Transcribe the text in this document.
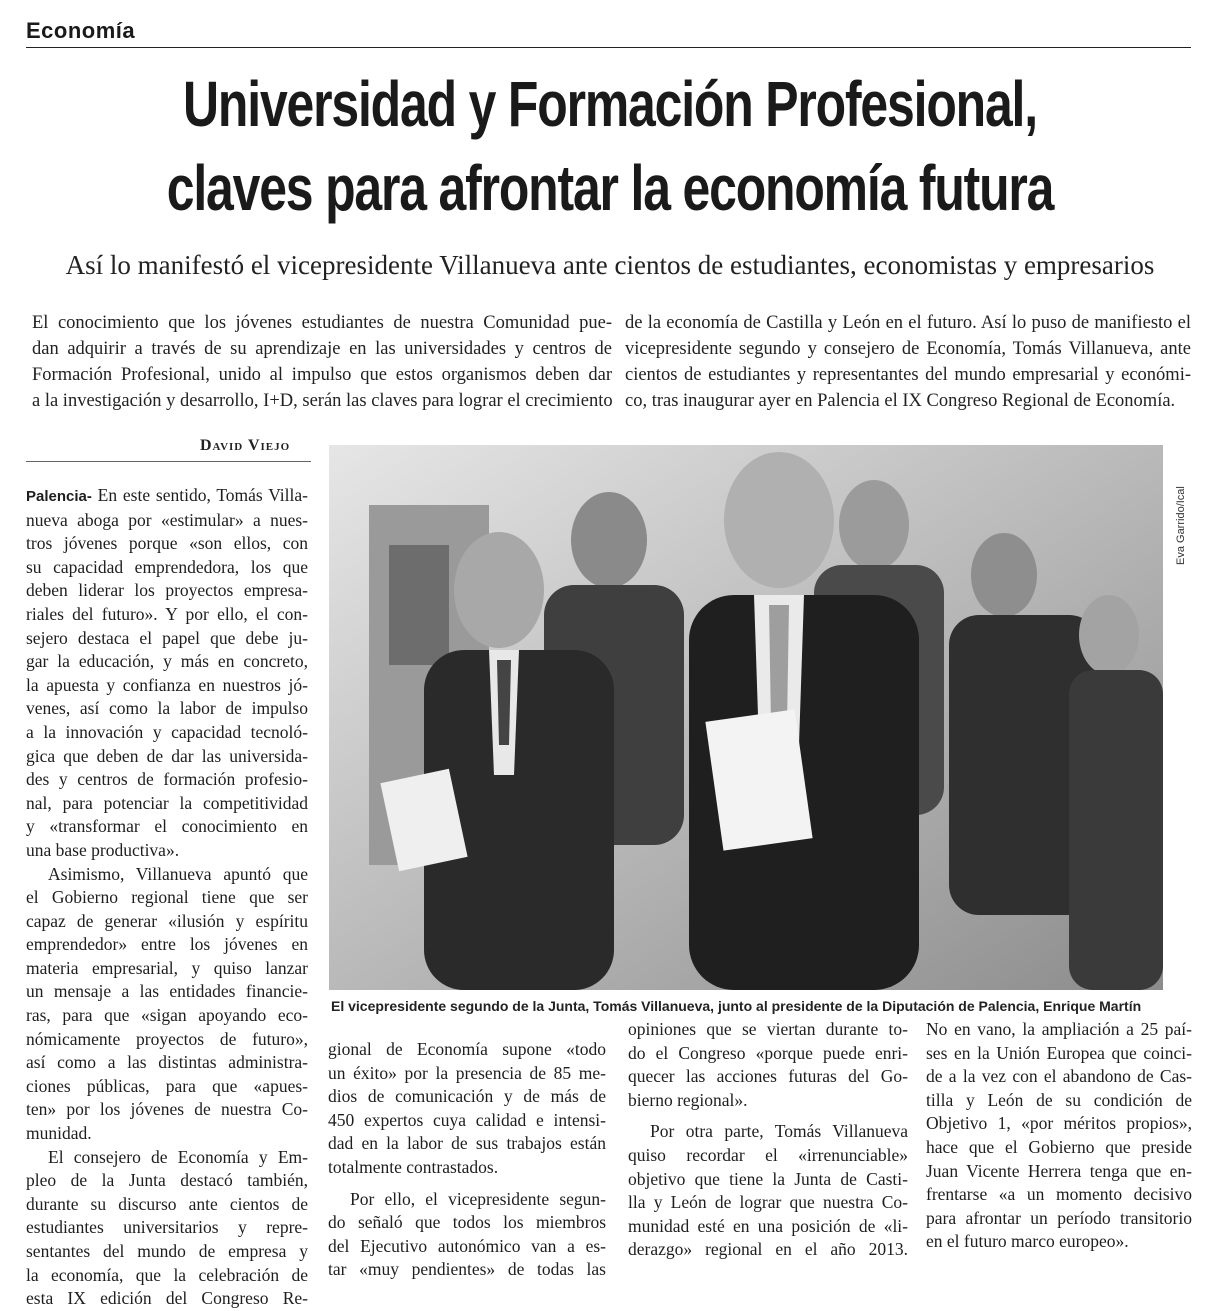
Economía
Universidad y Formación Profesional,
claves para afrontar la economía futura
Así lo manifestó el vicepresidente Villanueva ante cientos de estudiantes, economistas y empresarios
El conocimiento que los jóvenes estudiantes de nuestra Comunidad pue-
dan adquirir a través de su aprendizaje en las universidades y centros de
Formación Profesional, unido al impulso que estos organismos deben dar
a la investigación y desarrollo, I+D, serán las claves para lograr el crecimiento
de la economía de Castilla y León en el futuro. Así lo puso de manifiesto el
vicepresidente segundo y consejero de Economía, Tomás Villanueva, ante
cientos de estudiantes y representantes del mundo empresarial y económi-
co, tras inaugurar ayer en Palencia el IX Congreso Regional de Economía.
David Viejo
Eva Garrido/Ical
El vicepresidente segundo de la Junta, Tomás Villanueva, junto al presidente de la Diputación de Palencia, Enrique Martín
Palencia- En este sentido, Tomás Villa-
nueva aboga por «estimular» a nues-
tros jóvenes porque «son ellos, con
su capacidad emprendedora, los que
deben liderar los proyectos empresa-
riales del futuro». Y por ello, el con-
sejero destaca el papel que debe ju-
gar la educación, y más en concreto,
la apuesta y confianza en nuestros jó-
venes, así como la labor de impulso
a la innovación y capacidad tecnoló-
gica que deben de dar las universida-
des y centros de formación profesio-
nal, para potenciar la competitividad
y «transformar el conocimiento en
una base productiva».
Asimismo, Villanueva apuntó que
el Gobierno regional tiene que ser
capaz de generar «ilusión y espíritu
emprendedor» entre los jóvenes en
materia empresarial, y quiso lanzar
un mensaje a las entidades financie-
ras, para que «sigan apoyando eco-
nómicamente proyectos de futuro»,
así como a las distintas administra-
ciones públicas, para que «apues-
ten» por los jóvenes de nuestra Co-
munidad.
El consejero de Economía y Em-
pleo de la Junta destacó también,
durante su discurso ante cientos de
estudiantes universitarios y repre-
sentantes del mundo de empresa y
la economía, que la celebración de
esta IX edición del Congreso Re-
gional de Economía supone «todo
un éxito» por la presencia de 85 me-
dios de comunicación y de más de
450 expertos cuya calidad e intensi-
dad en la labor de sus trabajos están
totalmente contrastados.
Por ello, el vicepresidente segun-
do señaló que todos los miembros
del Ejecutivo autonómico van a es-
tar «muy pendientes» de todas las
opiniones que se viertan durante to-
do el Congreso «porque puede enri-
quecer las acciones futuras del Go-
bierno regional».
Por otra parte, Tomás Villanueva
quiso recordar el «irrenunciable»
objetivo que tiene la Junta de Casti-
lla y León de lograr que nuestra Co-
munidad esté en una posición de «li-
derazgo» regional en el año 2013.
No en vano, la ampliación a 25 paí-
ses en la Unión Europea que coinci-
de a la vez con el abandono de Cas-
tilla y León de su condición de
Objetivo 1, «por méritos propios»,
hace que el Gobierno que preside
Juan Vicente Herrera tenga que en-
frentarse «a un momento decisivo
para afrontar un período transitorio
en el futuro marco europeo».
